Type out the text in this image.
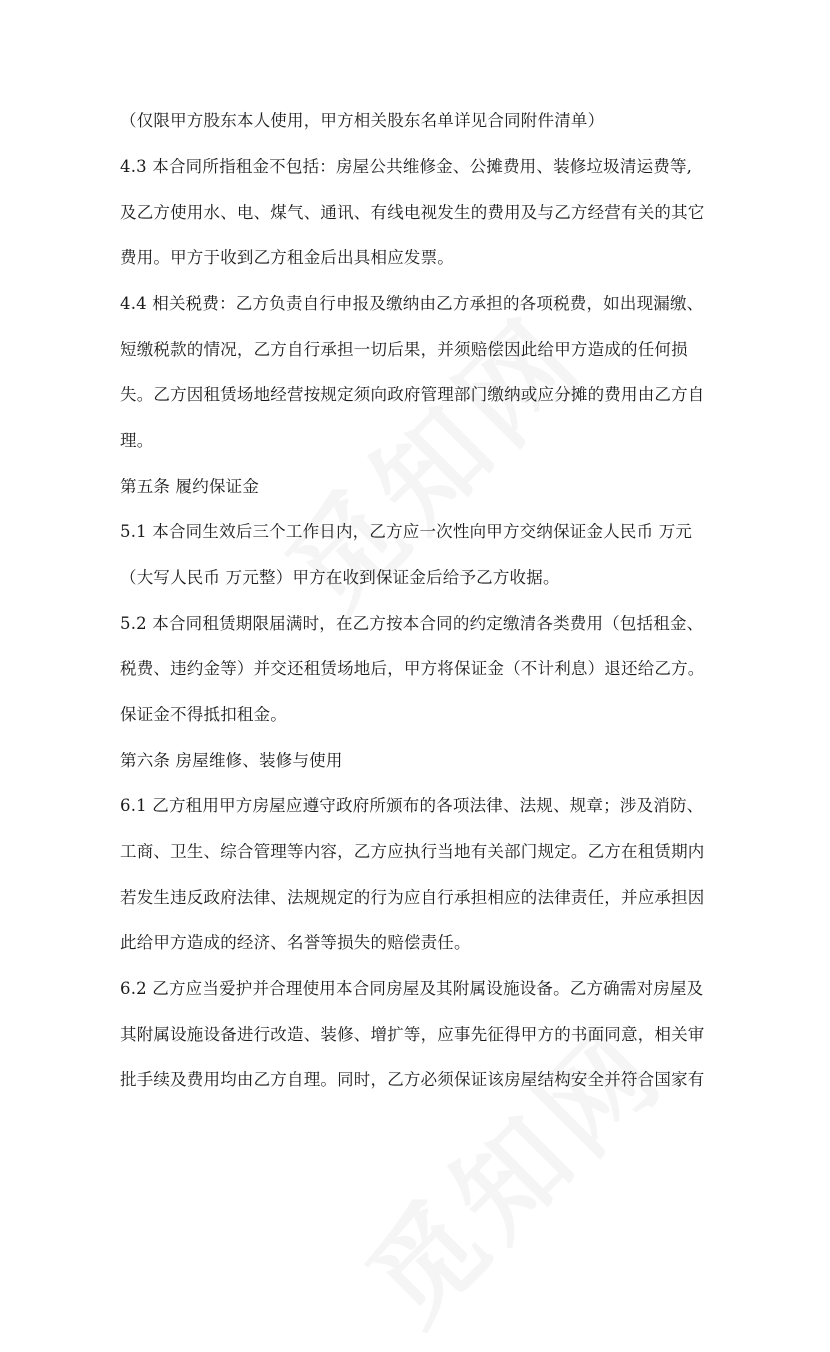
（仅限甲方股东本人使用，甲方相关股东名单详见合同附件清单）
4.3 本合同所指租金不包括：房屋公共维修金、公摊费用、装修垃圾清运费等,
及乙方使用水、电、煤气、通讯、有线电视发生的费用及与乙方经营有关的其它
费用。甲方于收到乙方租金后出具相应发票。
4.4 相关税费：乙方负责自行申报及缴纳由乙方承担的各项税费，如出现漏缴、
短缴税款的情况，乙方自行承担一切后果，并须赔偿因此给甲方造成的任何损
失。乙方因租赁场地经营按规定须向政府管理部门缴纳或应分摊的费用由乙方自
理。
第五条 履约保证金
5.1 本合同生效后三个工作日内，乙方应一次性向甲方交纳保证金人民币 万元
（大写人民币 万元整）甲方在收到保证金后给予乙方收据。
5.2 本合同租赁期限届满时，在乙方按本合同的约定缴清各类费用（包括租金、
税费、违约金等）并交还租赁场地后，甲方将保证金（不计利息）退还给乙方。
保证金不得抵扣租金。
第六条 房屋维修、装修与使用
6.1 乙方租用甲方房屋应遵守政府所颁布的各项法律、法规、规章；涉及消防、
工商、卫生、综合管理等内容，乙方应执行当地有关部门规定。乙方在租赁期内
若发生违反政府法律、法规规定的行为应自行承担相应的法律责任，并应承担因
此给甲方造成的经济、名誉等损失的赔偿责任。
6.2 乙方应当爱护并合理使用本合同房屋及其附属设施设备。乙方确需对房屋及
其附属设施设备进行改造、装修、增扩等，应事先征得甲方的书面同意，相关审
批手续及费用均由乙方自理。同时，乙方必须保证该房屋结构安全并符合国家有
